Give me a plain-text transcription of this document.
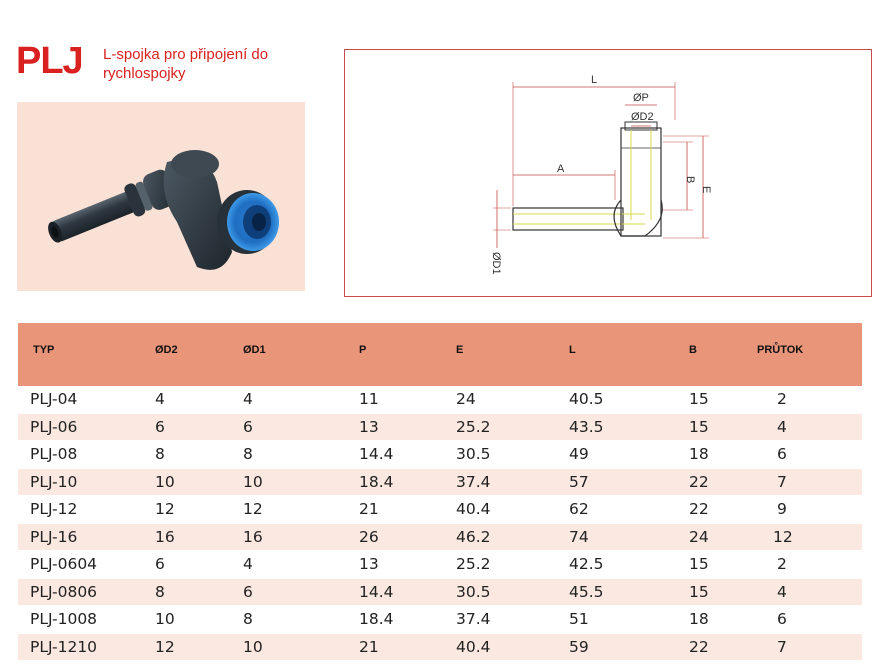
PLJ L-spojka pro připojení do rychlospojky	L
ØP
ØD2
A
B
E
ØD1
TYP	ØD2	ØD1	P	E	L	B	PRŮTOK
PLJ-04	4	4	11	24	40.5	15	2
PLJ-06	6	6	13	25.2	43.5	15	4
PLJ-08	8	8	14.4	30.5	49	18	6
PLJ-10	10	10	18.4	37.4	57	22	7
PLJ-12	12	12	21	40.4	62	22	9
PLJ-16	16	16	26	46.2	74	24	12
PLJ-0604	6	4	13	25.2	42.5	15	2
PLJ-0806	8	6	14.4	30.5	45.5	15	4
PLJ-1008	10	8	18.4	37.4	51	18	6
PLJ-1210	12	10	21	40.4	59	22	7
